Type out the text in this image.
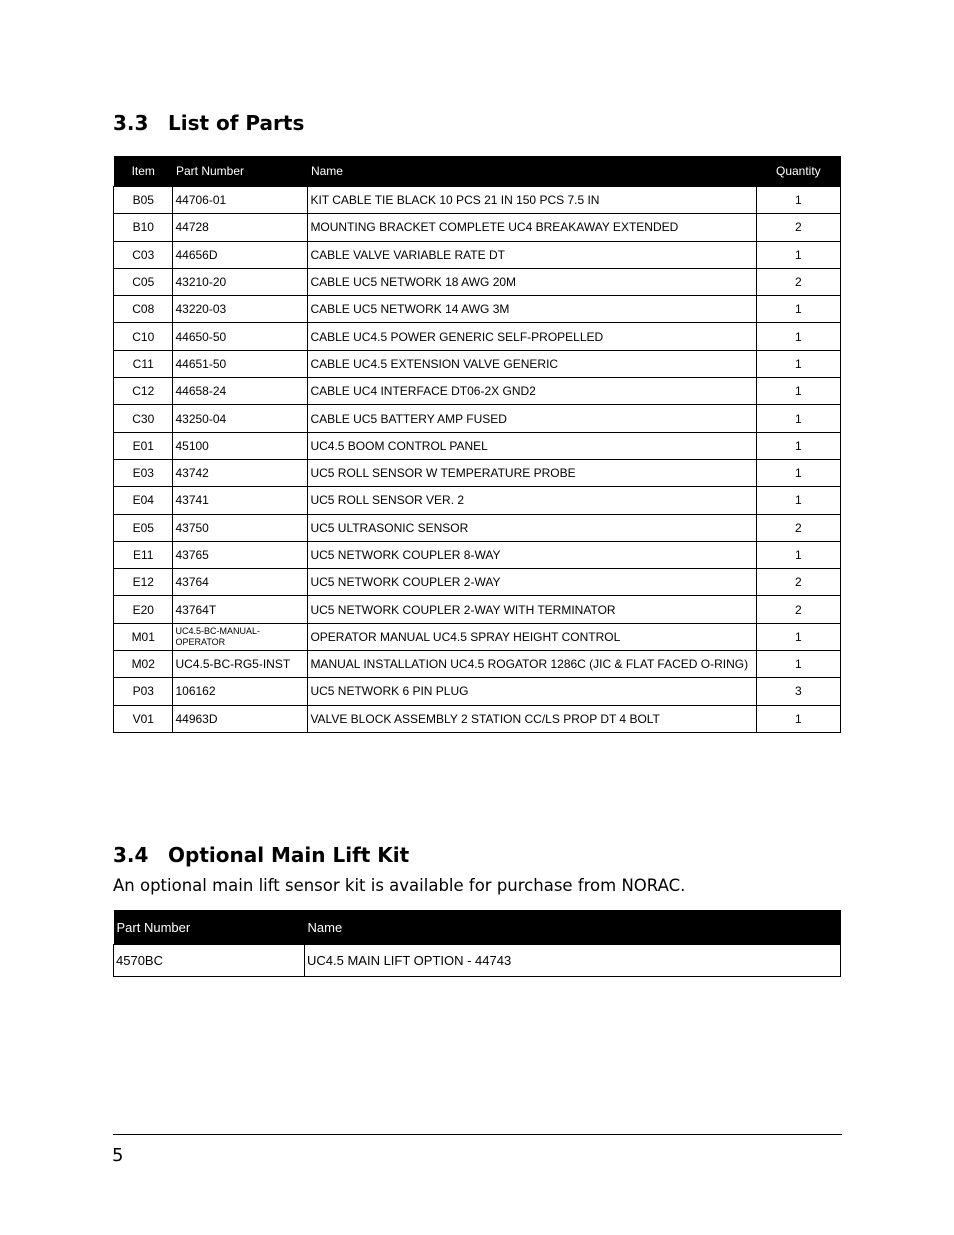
3.3 List of Parts
Item	Part Number	Name	Quantity
B05	44706-01	KIT CABLE TIE BLACK 10 PCS 21 IN 150 PCS 7.5 IN	1
B10	44728	MOUNTING BRACKET COMPLETE UC4 BREAKAWAY EXTENDED	2
C03	44656D	CABLE VALVE VARIABLE RATE DT	1
C05	43210-20	CABLE UC5 NETWORK 18 AWG 20M	2
C08	43220-03	CABLE UC5 NETWORK 14 AWG 3M	1
C10	44650-50	CABLE UC4.5 POWER GENERIC SELF-PROPELLED	1
C11	44651-50	CABLE UC4.5 EXTENSION VALVE GENERIC	1
C12	44658-24	CABLE UC4 INTERFACE DT06-2X GND2	1
C30	43250-04	CABLE UC5 BATTERY AMP FUSED	1
E01	45100	UC4.5 BOOM CONTROL PANEL	1
E03	43742	UC5 ROLL SENSOR W TEMPERATURE PROBE	1
E04	43741	UC5 ROLL SENSOR VER. 2	1
E05	43750	UC5 ULTRASONIC SENSOR	2
E11	43765	UC5 NETWORK COUPLER 8-WAY	1
E12	43764	UC5 NETWORK COUPLER 2-WAY	2
E20	43764T	UC5 NETWORK COUPLER 2-WAY WITH TERMINATOR	2
M01	UC4.5-BC-MANUAL-OPERATOR	OPERATOR MANUAL UC4.5 SPRAY HEIGHT CONTROL	1
M02	UC4.5-BC-RG5-INST	MANUAL INSTALLATION UC4.5 ROGATOR 1286C (JIC & FLAT FACED O-RING)	1
P03	106162	UC5 NETWORK 6 PIN PLUG	3
V01	44963D	VALVE BLOCK ASSEMBLY 2 STATION CC/LS PROP DT 4 BOLT	1
3.4 Optional Main Lift Kit

An optional main lift sensor kit is available for purchase from NORAC.

Part Number	Name
4570BC	UC4.5 MAIN LIFT OPTION - 44743
5
